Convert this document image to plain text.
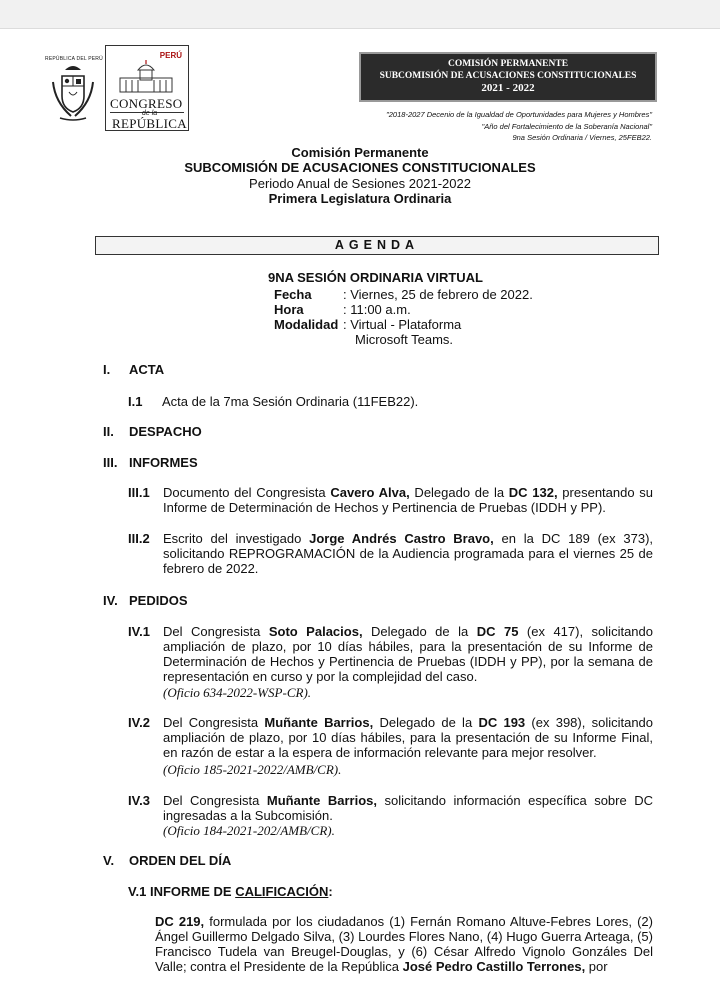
REPÚBLICA DEL PERÚ	PERÚ
CONGRESO
de la
REPÚBLICA
COMISIÓN PERMANENTE
SUBCOMISIÓN DE ACUSACIONES CONSTITUCIONALES
2021 - 2022
"2018-2027 Decenio de la Igualdad de Oportunidades para Mujeres y Hombres"
"Año del Fortalecimiento de la Soberanía Nacional"
9na Sesión Ordinaria / Viernes, 25FEB22.
Comisión Permanente
SUBCOMISIÓN DE ACUSACIONES CONSTITUCIONALES
Periodo Anual de Sesiones 2021-2022
Primera Legislatura Ordinaria
AGENDA
9NA SESIÓN ORDINARIA VIRTUAL
Fecha : Viernes, 25 de febrero de 2022.
Hora	: 11:00 a.m.
Modalidad : Virtual - Plataforma
Microsoft Teams.
I. ACTA
I.1 Acta de la 7ma Sesión Ordinaria (11FEB22).
II. DESPACHO
III. INFORMES
III.1 Documento del Congresista Cavero Alva, Delegado de la DC 132, presentando su Informe de Determinación de Hechos y Pertinencia de Pruebas (IDDH y PP).
III.2 Escrito del investigado Jorge Andrés Castro Bravo, en la DC 189 (ex 373), solicitando REPROGRAMACIÓN de la Audiencia programada para el viernes 25 de febrero de 2022.
IV. PEDIDOS
IV.1 Del Congresista Soto Palacios, Delegado de la DC 75 (ex 417), solicitando ampliación de plazo, por 10 días hábiles, para la presentación de su Informe de Determinación de Hechos y Pertinencia de Pruebas (IDDH y PP), por la semana de representación en curso y por la complejidad del caso.
(Oficio 634-2022-WSP-CR).
IV.2 Del Congresista Muñante Barrios, Delegado de la DC 193 (ex 398), solicitando ampliación de plazo, por 10 días hábiles, para la presentación de su Informe Final, en razón de estar a la espera de información relevante para mejor resolver.
(Oficio 185-2021-2022/AMB/CR).
IV.3 Del Congresista Muñante Barrios, solicitando información específica sobre DC ingresadas a la Subcomisión.
(Oficio 184-2021-202/AMB/CR).
V. ORDEN DEL DÍA
V.1 INFORME DE CALIFICACIÓN:
DC 219, formulada por los ciudadanos (1) Fernán Romano Altuve-Febres Lores, (2) Ángel Guillermo Delgado Silva, (3) Lourdes Flores Nano, (4) Hugo Guerra Arteaga, (5) Francisco Tudela van Breugel-Douglas, y (6) César Alfredo Vignolo Gonzáles Del Valle; contra el Presidente de la República José Pedro Castillo Terrones, por
